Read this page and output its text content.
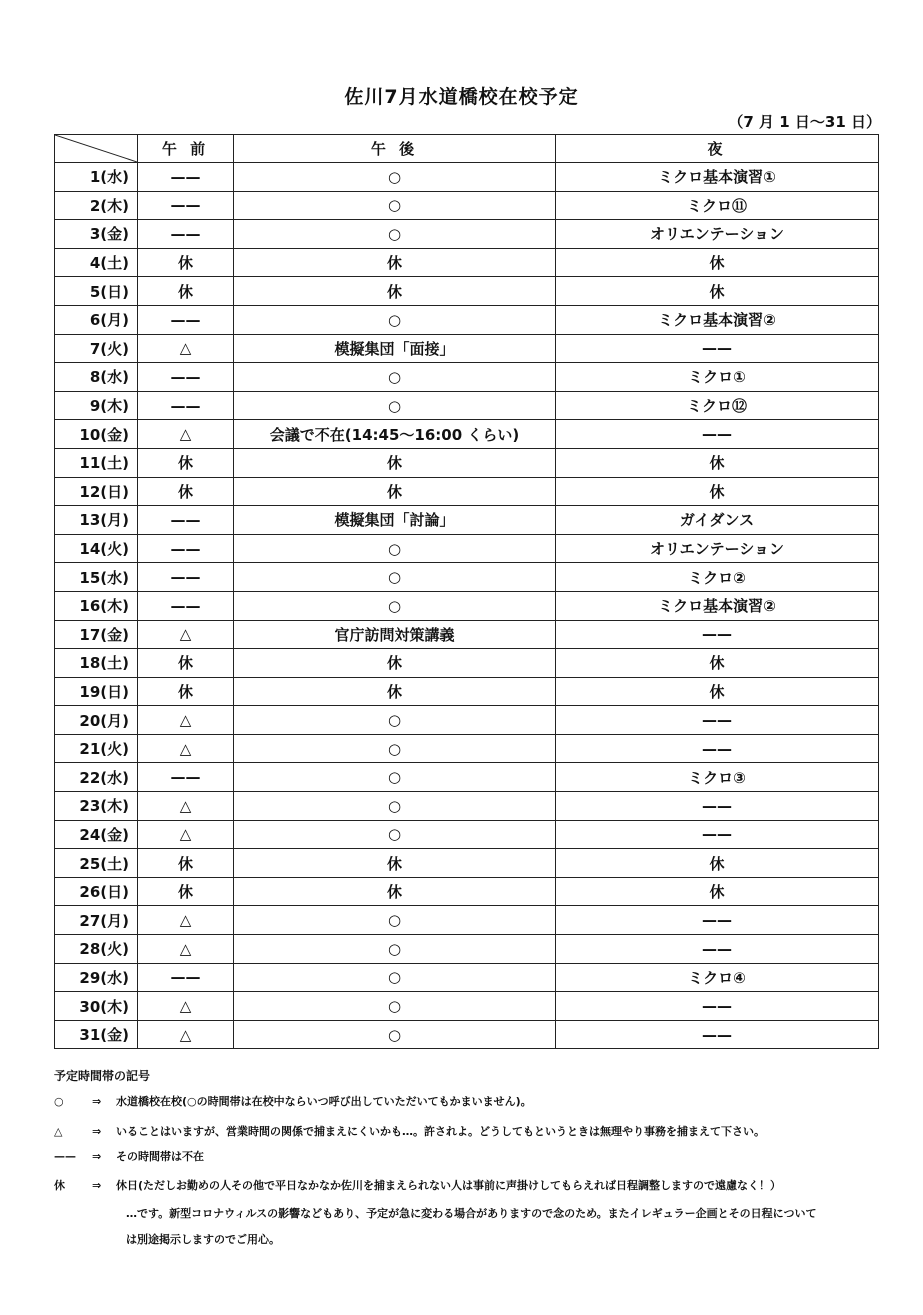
佐川7月水道橋校在校予定
（7 月 1 日～31 日）
	午 前	午 後	夜
1(水)	——	○	ミクロ基本演習①
2(木)	——	○	ミクロ⑪
3(金)	——	○	オリエンテーション
4(土)	休	休	休
5(日)	休	休	休
6(月)	——	○	ミクロ基本演習②
7(火)	△	模擬集団「面接」	——
8(水)	——	○	ミクロ①
9(木)	——	○	ミクロ⑫
10(金)	△	会議で不在(14:45～16:00 くらい)	——
11(土)	休	休	休
12(日)	休	休	休
13(月)	——	模擬集団「討論」	ガイダンス
14(火)	——	○	オリエンテーション
15(水)	——	○	ミクロ②
16(木)	——	○	ミクロ基本演習②
17(金)	△	官庁訪問対策講義	——
18(土)	休	休	休
19(日)	休	休	休
20(月)	△	○	——
21(火)	△	○	——
22(水)	——	○	ミクロ③
23(木)	△	○	——
24(金)	△	○	——
25(土)	休	休	休
26(日)	休	休	休
27(月)	△	○	——
28(火)	△	○	——
29(水)	——	○	ミクロ④
30(木)	△	○	——
31(金)	△	○	——
予定時間帯の記号
○	⇒ 水道橋校在校(○の時間帯は在校中ならいつ呼び出していただいてもかまいません)。
△	⇒ いることはいますが、営業時間の関係で捕まえにくいかも…。許されよ。どうしてもというときは無理やり事務を捕まえて下さい。
—— ⇒ その時間帯は不在
休	⇒ 休日(ただしお勤めの人その他で平日なかなか佐川を捕まえられない人は事前に声掛けしてもらえれば日程調整しますので遠慮なく！）
…です。新型コロナウィルスの影響などもあり、予定が急に変わる場合がありますので念のため。またイレギュラー企画とその日程について
は別途掲示しますのでご用心。
